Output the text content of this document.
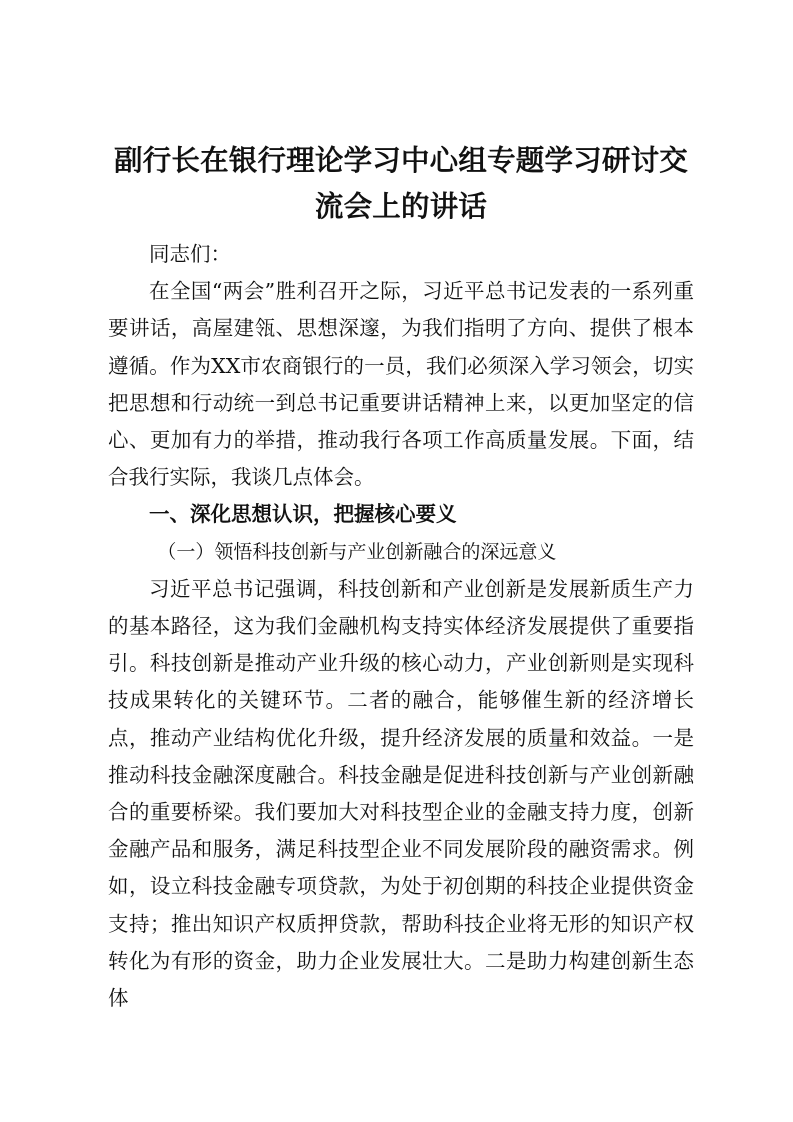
副行长在银行理论学习中心组专题学习研讨交流会上的讲话

同志们：

在全国“两会”胜利召开之际，习近平总书记发表的一系列重要讲话，高屋建瓴、思想深邃，为我们指明了方向、提供了根本遵循。作为XX市农商银行的一员，我们必须深入学习领会，切实把思想和行动统一到总书记重要讲话精神上来，以更加坚定的信心、更加有力的举措，推动我行各项工作高质量发展。下面，结合我行实际，我谈几点体会。

一、深化思想认识，把握核心要义

（一）领悟科技创新与产业创新融合的深远意义

习近平总书记强调，科技创新和产业创新是发展新质生产力的基本路径，这为我们金融机构支持实体经济发展提供了重要指引。科技创新是推动产业升级的核心动力，产业创新则是实现科技成果转化的关键环节。二者的融合，能够催生新的经济增长点，推动产业结构优化升级，提升经济发展的质量和效益。一是推动科技金融深度融合。科技金融是促进科技创新与产业创新融合的重要桥梁。我们要加大对科技型企业的金融支持力度，创新金融产品和服务，满足科技型企业不同发展阶段的融资需求。例如，设立科技金融专项贷款，为处于初创期的科技企业提供资金支持；推出知识产权质押贷款，帮助科技企业将无形的知识产权转化为有形的资金，助力企业发展壮大。二是助力构建创新生态体
